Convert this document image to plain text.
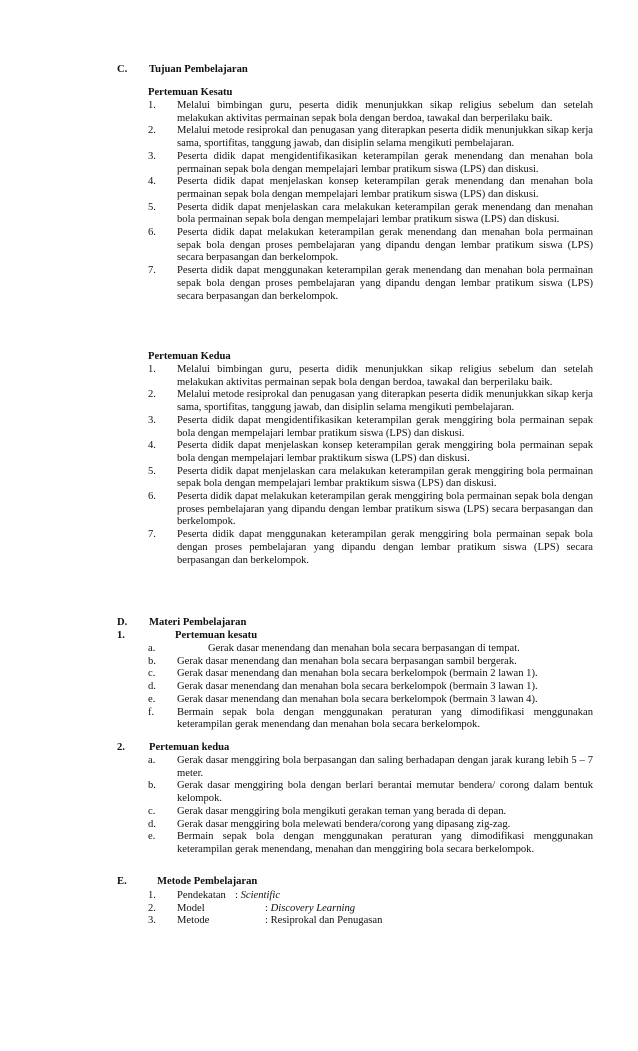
C. Tujuan Pembelajaran
Pertemuan Kesatu
1.	Melalui bimbingan guru, peserta didik menunjukkan sikap religius sebelum dan setelah melakukan aktivitas permainan sepak bola dengan berdoa, tawakal dan berperilaku baik.
2.	Melalui metode resiprokal dan penugasan yang diterapkan peserta didik menunjukkan sikap kerja sama, sportifitas, tanggung jawab, dan disiplin selama mengikuti pembelajaran.
3.	Peserta didik dapat mengidentifikasikan keterampilan gerak menendang dan menahan bola permainan sepak bola dengan mempelajari lembar pratikum siswa (LPS) dan diskusi.
4.	Peserta didik dapat menjelaskan konsep keterampilan gerak menendang dan menahan bola permainan sepak bola dengan mempelajari lembar pratikum siswa (LPS) dan diskusi.
5.	Peserta didik dapat menjelaskan cara melakukan keterampilan gerak menendang dan menahan bola permainan sepak bola dengan mempelajari lembar pratikum siswa (LPS) dan diskusi.
6.	Peserta didik dapat melakukan keterampilan gerak menendang dan menahan bola permainan sepak bola dengan proses pembelajaran yang dipandu dengan lembar pratikum siswa (LPS) secara berpasangan dan berkelompok.
7.	Peserta didik dapat menggunakan keterampilan gerak menendang dan menahan bola permainan sepak bola dengan proses pembelajaran yang dipandu dengan lembar pratikum siswa (LPS) secara berpasangan dan berkelompok.
Pertemuan Kedua
1.	Melalui bimbingan guru, peserta didik menunjukkan sikap religius sebelum dan setelah melakukan aktivitas permainan sepak bola dengan berdoa, tawakal dan berperilaku baik.
2.	Melalui metode resiprokal dan penugasan yang diterapkan peserta didik menunjukkan sikap kerja sama, sportifitas, tanggung jawab, dan disiplin selama mengikuti pembelajaran.
3.	Peserta didik dapat mengidentifikasikan keterampilan gerak menggiring bola permainan sepak bola dengan mempelajari lembar pratikum siswa (LPS) dan diskusi.
4.	Peserta didik dapat menjelaskan konsep keterampilan gerak menggiring bola permainan sepak bola dengan mempelajari lembar praktikum siswa (LPS) dan diskusi.
5.	Peserta didik dapat menjelaskan cara melakukan keterampilan gerak menggiring bola permainan sepak bola dengan mempelajari lembar praktikum siswa (LPS) dan diskusi.
6.	Peserta didik dapat melakukan keterampilan gerak menggiring bola permainan sepak bola dengan proses pembelajaran yang dipandu dengan lembar pratikum siswa (LPS) secara berpasangan dan berkelompok.
7.	Peserta didik dapat menggunakan keterampilan gerak menggiring bola permainan sepak bola dengan proses pembelajaran yang dipandu dengan lembar pratikum siswa (LPS) secara berpasangan dan berkelompok.
D. Materi Pembelajaran
1.	Pertemuan kesatu
a.	Gerak dasar menendang dan menahan bola secara berpasangan di tempat.
b.	Gerak dasar menendang dan menahan bola secara berpasangan sambil bergerak.
c.	Gerak dasar menendang dan menahan bola secara berkelompok (bermain 2 lawan 1).
d.	Gerak dasar menendang dan menahan bola secara berkelompok (bermain 3 lawan 1).
e.	Gerak dasar menendang dan menahan bola secara berkelompok (bermain 3 lawan 4).
f.	Bermain sepak bola dengan menggunakan peraturan yang dimodifikasi menggunakan keterampilan gerak menendang dan menahan bola secara berkelompok.
2. Pertemuan kedua
a.	Gerak dasar menggiring bola berpasangan dan saling berhadapan dengan jarak kurang lebih 5 – 7 meter.
b.	Gerak dasar menggiring bola dengan berlari berantai memutar bendera/ corong dalam bentuk kelompok.
c.	Gerak dasar menggiring bola mengikuti gerakan teman yang berada di depan.
d.	Gerak dasar menggiring bola melewati bendera/corong yang dipasang zig-zag.
e.	Bermain sepak bola dengan menggunakan peraturan yang dimodifikasi menggunakan keterampilan gerak menendang, menahan dan menggiring bola secara berkelompok.
E.	Metode Pembelajaran
1.	Pendekatan :
Scientific
2.	Model	:
Discovery Learning
3.	Metode	:
Resiprokal dan Penugasan
